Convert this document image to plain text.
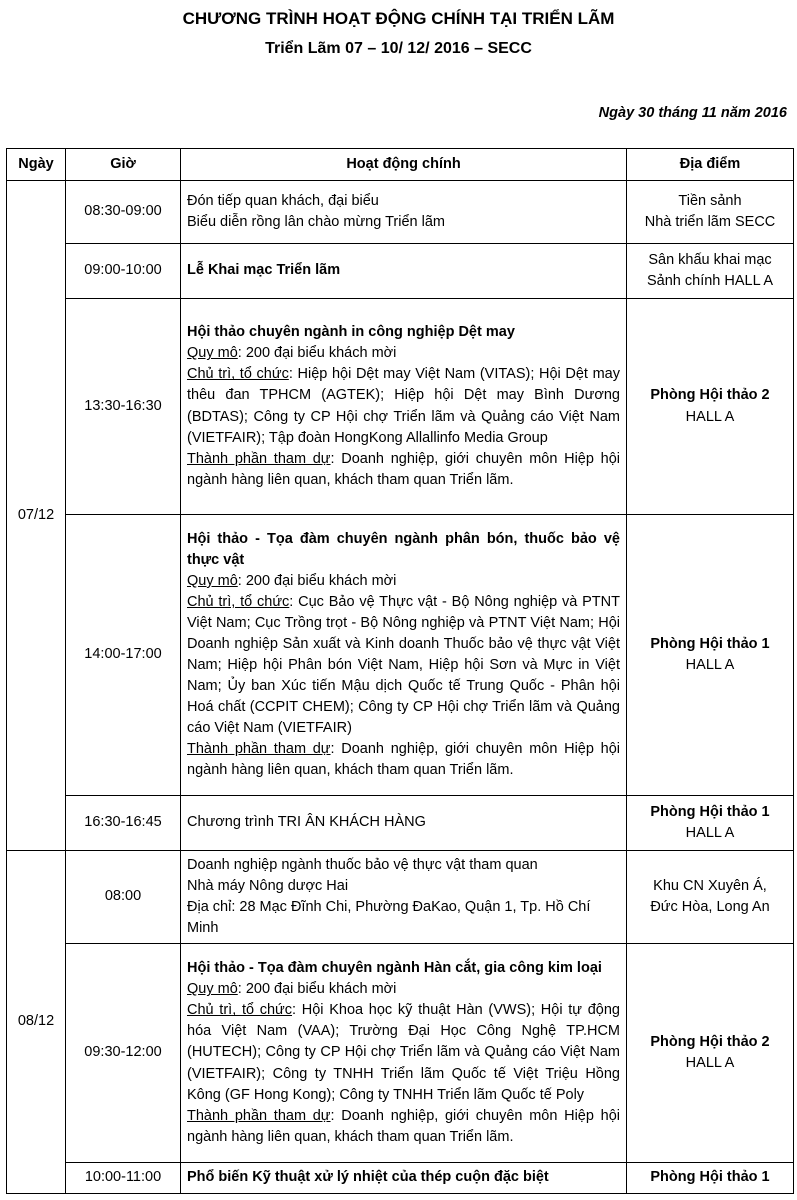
CHƯƠNG TRÌNH HOẠT ĐỘNG CHÍNH TẠI TRIỂN LÃM
Triển Lãm 07 – 10/ 12/ 2016 – SECC
Ngày 30 tháng 11 năm 2016
Ngày	Giờ	Hoạt động chính	Địa điểm
07/12	08:30-09:00	Đón tiếp quan khách, đại biểu
Biểu diễn rồng lân chào mừng Triển lãm	Tiền sảnh
Nhà triển lãm SECC

	09:00-10:00	Lễ Khai mạc Triển lãm	Sân khấu khai mạc
Sảnh chính HALL A

	13:30-16:30	Hội thảo chuyên ngành in công nghiệp Dệt may
Quy mô: 200 đại biểu khách mời
Chủ trì, tổ chức: Hiệp hội Dệt may Việt Nam (VITAS); Hội Dệt may thêu đan TPHCM (AGTEK); Hiệp hội Dệt may Bình Dương (BDTAS); Công ty CP Hội chợ Triển lãm và Quảng cáo Việt Nam (VIETFAIR); Tập đoàn HongKong Allallinfo Media Group
Thành phần tham dự: Doanh nghiệp, giới chuyên môn Hiệp hội ngành hàng liên quan, khách tham quan Triển lãm.	Phòng Hội thảo 2
HALL A

	14:00-17:00	Hội thảo - Tọa đàm chuyên ngành phân bón, thuốc bảo vệ thực vật
Quy mô: 200 đại biểu khách mời
Chủ trì, tổ chức: Cục Bảo vệ Thực vật - Bộ Nông nghiệp và PTNT Việt Nam; Cục Trồng trọt - Bộ Nông nghiệp và PTNT Việt Nam; Hội Doanh nghiệp Sản xuất và Kinh doanh Thuốc bảo vệ thực vật Việt Nam; Hiệp hội Phân bón Việt Nam, Hiệp hội Sơn và Mực in Việt Nam; Ủy ban Xúc tiến Mậu dịch Quốc tế Trung Quốc - Phân hội Hoá chất (CCPIT CHEM); Công ty CP Hội chợ Triển lãm và Quảng cáo Việt Nam (VIETFAIR)
Thành phần tham dự: Doanh nghiệp, giới chuyên môn Hiệp hội ngành hàng liên quan, khách tham quan Triển lãm.	Phòng Hội thảo 1
HALL A

	16:30-16:45	Chương trình TRI ÂN KHÁCH HÀNG	Phòng Hội thảo 1
HALL A

08/12	08:00	Doanh nghiệp ngành thuốc bảo vệ thực vật tham quan
Nhà máy Nông dược Hai
Địa chỉ: 28 Mạc Đĩnh Chi, Phường ĐaKao, Quận 1, Tp. Hồ Chí Minh	Khu CN Xuyên Á,
Đức Hòa, Long An

	09:30-12:00	Hội thảo - Tọa đàm chuyên ngành Hàn cắt, gia công kim loại
Quy mô: 200 đại biểu khách mời
Chủ trì, tổ chức: Hội Khoa học kỹ thuật Hàn (VWS); Hội tự động hóa Việt Nam (VAA); Trường Đại Học Công Nghệ TP.HCM (HUTECH); Công ty CP Hội chợ Triển lãm và Quảng cáo Việt Nam (VIETFAIR); Công ty TNHH Triển lãm Quốc tế Việt Triệu Hồng Kông (GF Hong Kong); Công ty TNHH Triển lãm Quốc tế Poly
Thành phần tham dự: Doanh nghiệp, giới chuyên môn Hiệp hội ngành hàng liên quan, khách tham quan Triển lãm.	Phòng Hội thảo 2
HALL A

	10:00-11:00	Phổ biến Kỹ thuật xử lý nhiệt của thép cuộn đặc biệt	Phòng Hội thảo 1
